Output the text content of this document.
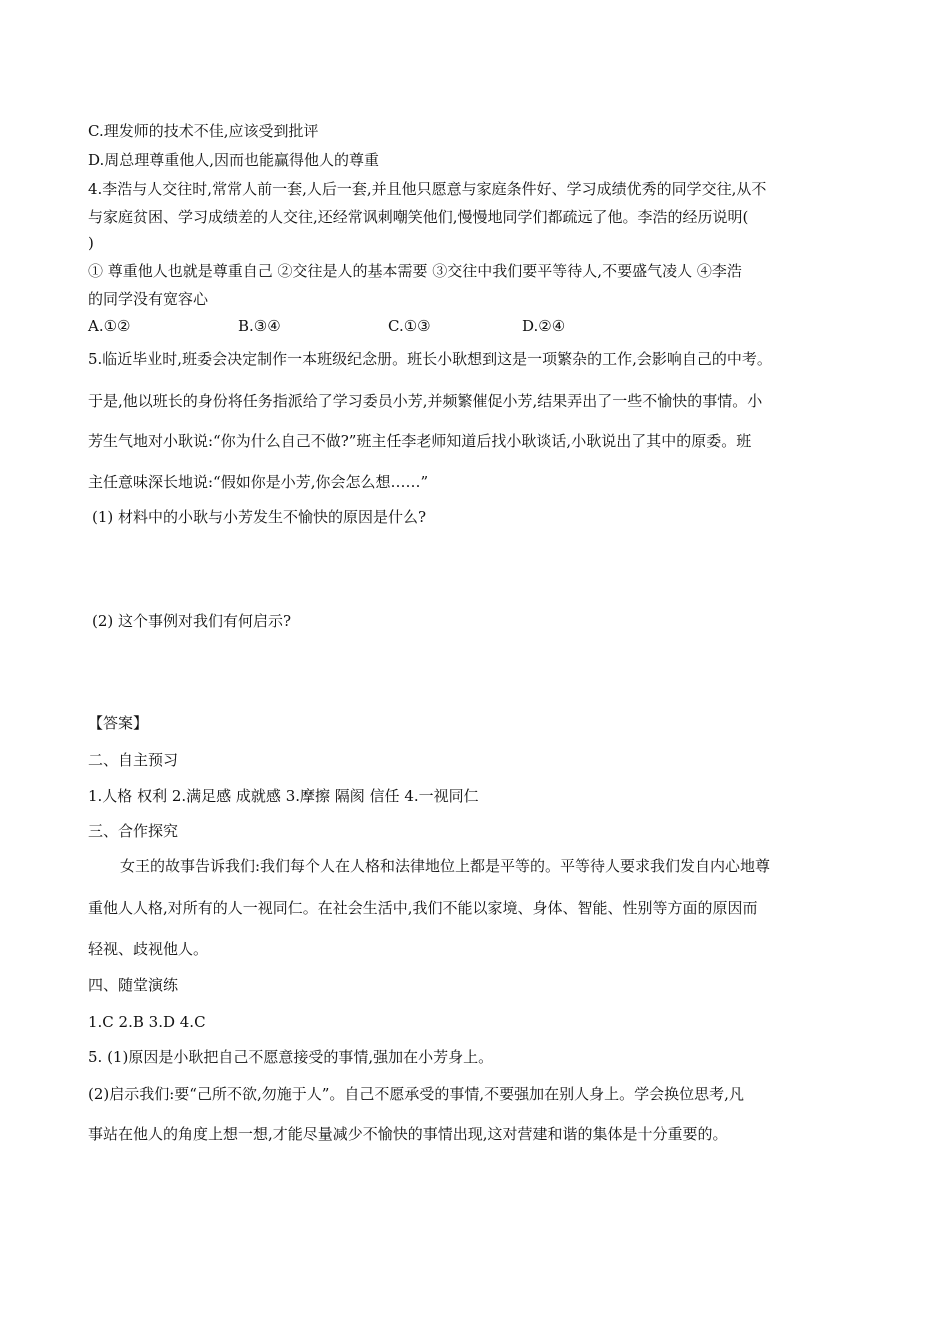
C.理发师的技术不佳,应该受到批评
D.周总理尊重他人,因而也能赢得他人的尊重
4.李浩与人交往时,常常人前一套,人后一套,并且他只愿意与家庭条件好、学习成绩优秀的同学交往,从不
与家庭贫困、学习成绩差的人交往,还经常讽刺嘲笑他们,慢慢地同学们都疏远了他。李浩的经历说明(
)
① 尊重他人也就是尊重自己 ②交往是人的基本需要 ③交往中我们要平等待人,不要盛气凌人 ④李浩
的同学没有宽容心
A.①②	B.③④	C.①③	D.②④
5.临近毕业时,班委会决定制作一本班级纪念册。班长小耿想到这是一项繁杂的工作,会影响自己的中考。
于是,他以班长的身份将任务指派给了学习委员小芳,并频繁催促小芳,结果弄出了一些不愉快的事情。小
芳生气地对小耿说:“你为什么自己不做?”班主任李老师知道后找小耿谈话,小耿说出了其中的原委。班
主任意味深长地说:“假如你是小芳,你会怎么想……”
(1) 材料中的小耿与小芳发生不愉快的原因是什么?
(2) 这个事例对我们有何启示?
【答案】
二、自主预习
1.人格 权利 2.满足感 成就感 3.摩擦 隔阂 信任 4.一视同仁
三、合作探究
女王的故事告诉我们:我们每个人在人格和法律地位上都是平等的。平等待人要求我们发自内心地尊
重他人人格,对所有的人一视同仁。在社会生活中,我们不能以家境、身体、智能、性别等方面的原因而
轻视、歧视他人。
四、随堂演练
1.C 2.B 3.D 4.C
5. (1)原因是小耿把自己不愿意接受的事情,强加在小芳身上。
(2)启示我们:要“己所不欲,勿施于人”。自己不愿承受的事情,不要强加在别人身上。学会换位思考,凡
事站在他人的角度上想一想,才能尽量减少不愉快的事情出现,这对营建和谐的集体是十分重要的。
